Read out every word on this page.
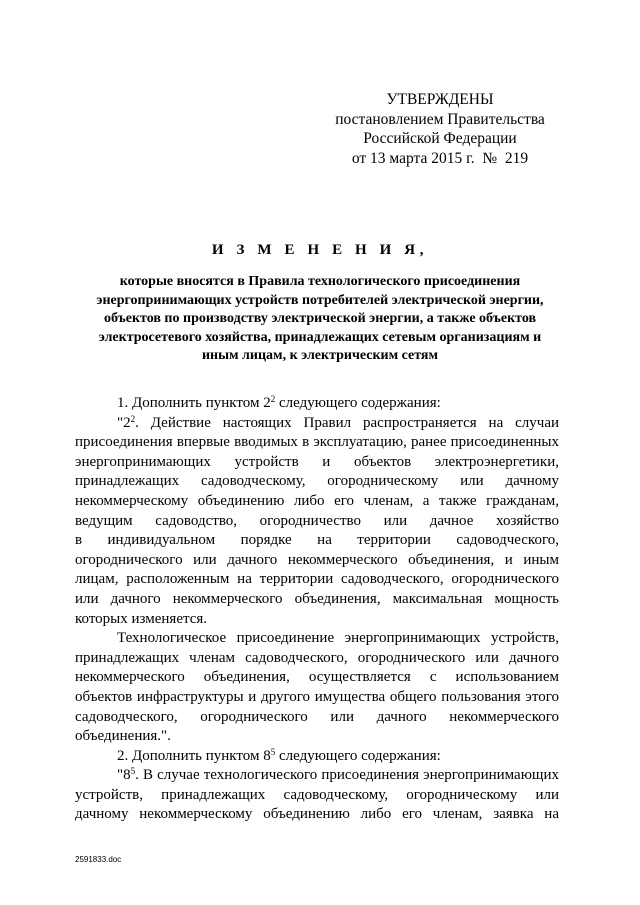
УТВЕРЖДЕНЫ
постановлением Правительства
Российской Федерации
от 13 марта 2015 г.  №  219
И З М Е Н Е Н И Я,
которые вносятся в Правила технологического присоединения
энергопринимающих устройств потребителей электрической энергии,
объектов по производству электрической энергии, а также объектов
электросетевого хозяйства, принадлежащих сетевым организациям и
иным лицам, к электрическим сетям
1. Дополнить пунктом $2^2$ следующего содержания:
"$2^2$. Действие настоящих Правил распространяется на случаи
присоединения впервые вводимых в эксплуатацию, ранее присоединенных
энергопринимающих устройств и объектов электроэнергетики,
принадлежащих садоводческому, огородническому или дачному
некоммерческому объединению либо его членам, а также гражданам,
ведущим садоводство, огородничество или дачное хозяйство
в индивидуальном порядке на территории садоводческого,
огороднического или дачного некоммерческого объединения, и иным
лицам, расположенным на территории садоводческого, огороднического
или дачного некоммерческого объединения, максимальная мощность
которых изменяется.
Технологическое присоединение энергопринимающих устройств,
принадлежащих членам садоводческого, огороднического или дачного
некоммерческого объединения, осуществляется с использованием
объектов инфраструктуры и другого имущества общего пользования этого
садоводческого, огороднического или дачного некоммерческого
объединения.".
2. Дополнить пунктом $8^5$ следующего содержания:
"$8^5$. В случае технологического присоединения энергопринимающих
устройств, принадлежащих садоводческому, огородническому или
дачному некоммерческому объединению либо его членам, заявка на
2591833.doc
